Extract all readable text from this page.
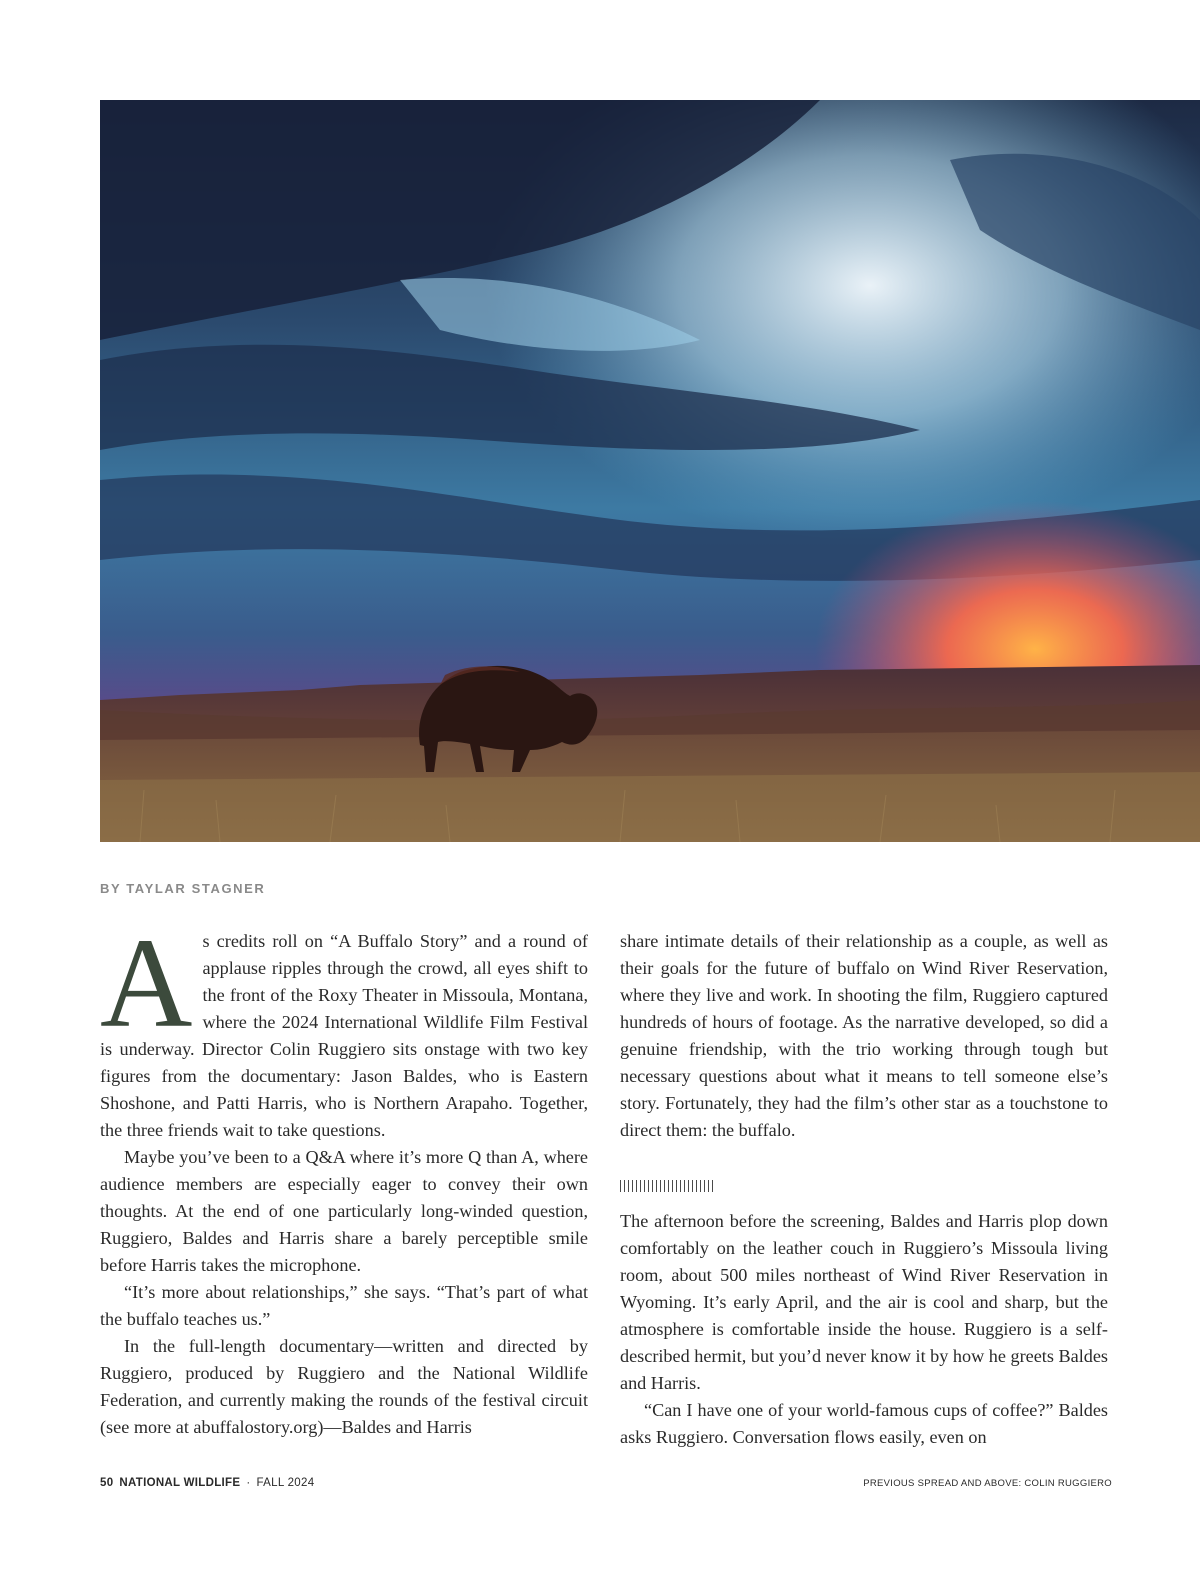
BY TAYLAR STAGNER

As credits roll on “A Buffalo Story” and a round of applause ripples through the crowd, all eyes shift to the front of the Roxy Theater in Missoula, Montana, where the 2024 International Wildlife Film Festival is underway. Director Colin Ruggiero sits onstage with two key figures from the documentary: Jason Baldes, who is Eastern Shoshone, and Patti Harris, who is Northern Arapaho. Together, the three friends wait to take questions.

Maybe you’ve been to a Q&A where it’s more Q than A, where audience members are especially eager to convey their own thoughts. At the end of one particularly long-winded question, Ruggiero, Baldes and Harris share a barely perceptible smile before Harris takes the microphone.

“It’s more about relationships,” she says. “That’s part of what the buffalo teaches us.”

In the full-length documentary—written and directed by Ruggiero, produced by Ruggiero and the National Wildlife Federation, and currently making the rounds of the festival circuit (see more at abuffalostory.org)—Baldes and Harris

share intimate details of their relationship as a couple, as well as their goals for the future of buffalo on Wind River Reservation, where they live and work. In shooting the film, Ruggiero captured hundreds of hours of footage. As the narrative developed, so did a genuine friendship, with the trio working through tough but necessary questions about what it means to tell someone else’s story. Fortunately, they had the film’s other star as a touchstone to direct them: the buffalo.

The afternoon before the screening, Baldes and Harris plop down comfortably on the leather couch in Ruggiero’s Missoula living room, about 500 miles northeast of Wind River Reservation in Wyoming. It’s early April, and the air is cool and sharp, but the atmosphere is comfortable inside the house. Ruggiero is a self-described hermit, but you’d never know it by how he greets Baldes and Harris.

“Can I have one of your world-famous cups of coffee?” Baldes asks Ruggiero. Conversation flows easily, even on

50 NATIONAL WILDLIFE · FALL 2024	PREVIOUS SPREAD AND ABOVE: COLIN RUGGIERO
